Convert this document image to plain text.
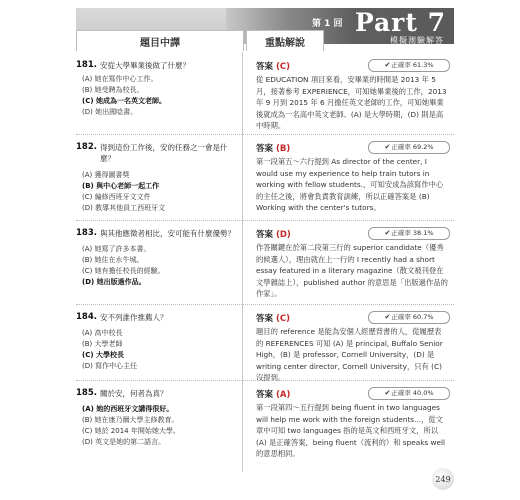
題目中譯	重點解說
第 1 回 Part 7
模擬測驗解答
181. 安從大學畢業後做了什麼？
(A) 她在寫作中心工作。
(B) 她受聘為校長。
(C) 她成為一名英文老師。
(D) 她出國唸書。
答案 (C)	✔正確率 61.3%
從 EDUCATION 項目來看，安畢業的時間是 2013 年 5 月，接著參考 EXPERIENCE，可知她畢業後的工作，2013 年 9 月到 2015 年 6 月擔任英文老師的工作，可知她畢業後就成為一名高中英文老師。(A) 是大學時期，(D) 則是高中時期。
182. 得到這份工作後，安的任務之一會是什麼？
(A) 獲得圖書獎
(B) 與中心老師一起工作
(C) 編修西班牙文文件
(D) 教導其他員工西班牙文
答案 (B)	✔正確率 69.2%
第一段第五～六行提到 As director of the center, I would use my experience to help train tutors in working with fellow students.，可知安成為該寫作中心的主任之後，將會負責教育訓練，所以正確答案是 (B) Working with the center's tutors。
183. 與其他應徵者相比，安可能有什麼優勢？
(A) 她寫了許多本書。
(B) 她住在水牛城。
(C) 她有擔任校長的經驗。
(D) 她出版過作品。
答案 (D)	✔正確率 38.1%
作答關鍵在於第二段第三行的 superior candidate（優秀的候選人），理由就在上一行的 I recently had a short essay featured in a literary magazine（散文被刊登在文學雜誌上），published author 的意思是「出版過作品的作家」。
184. 安不列誰作推薦人？
(A) 高中校長
(B) 大學老師
(C) 大學校長
(D) 寫作中心主任
答案 (C)	✔正確率 60.7%
題目的 reference 是能為安個人經歷背書的人，從履歷表的 REFERENCES 可知 (A) 是 principal, Buffalo Senior High，(B) 是 professor, Cornell University，(D) 是 writing center director, Cornell University，只有 (C) 沒提到。
185. 關於安，何者為真？
(A) 她的西班牙文講得很好。
(B) 她在康乃爾大學主修教育。
(C) 她於 2014 年開始她大學。
(D) 英文是她的第二語言。
答案 (A)	✔正確率 40.0%
第一段第四～五行提到 being fluent in two languages will help me work with the foreign students...，從文章中可知 two languages 指的是英文和西班牙文，所以 (A) 是正確答案，being fluent（流利的）和 speaks well 的意思相同。
249
